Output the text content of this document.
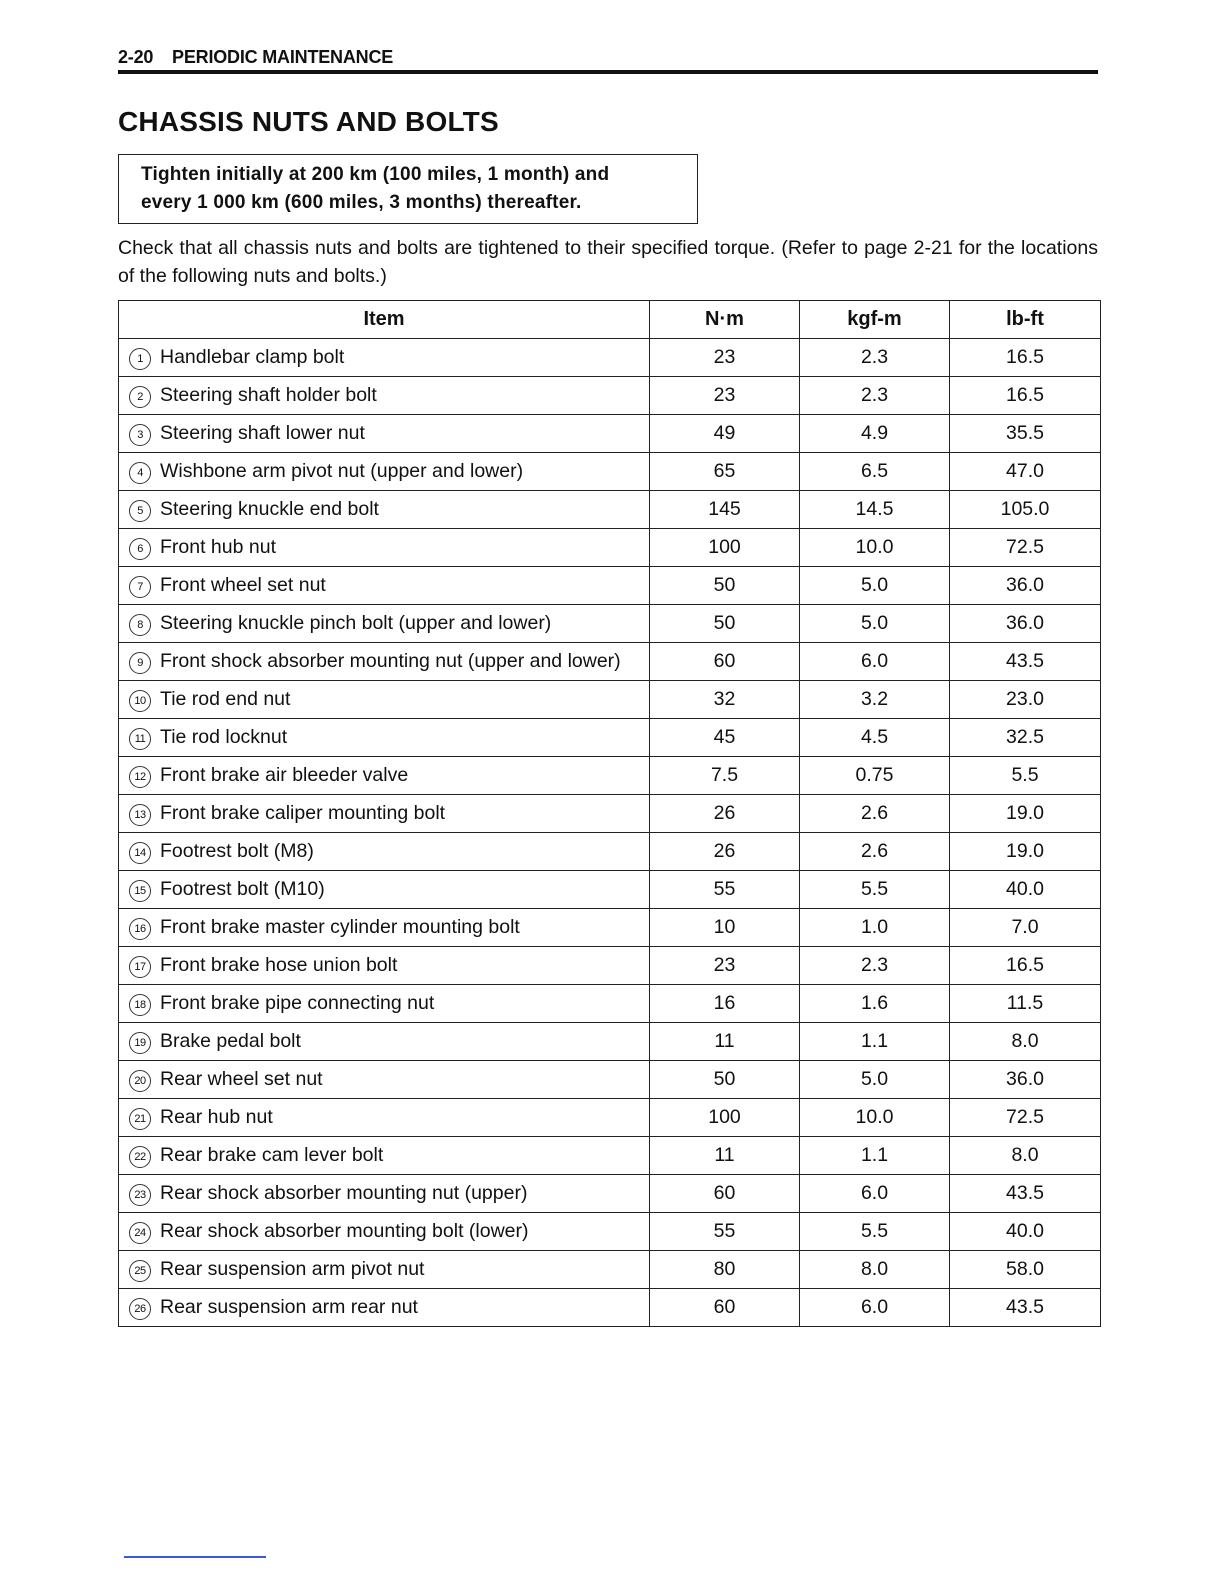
2-20 PERIODIC MAINTENANCE
CHASSIS NUTS AND BOLTS
Tighten initially at 200 km (100 miles, 1 month) and
every 1 000 km (600 miles, 3 months) thereafter.

Check that all chassis nuts and bolts are tightened to their specified torque. (Refer to page 2-21 for the locations of the following nuts and bolts.)

Item	N·m	kgf-m	lb-ft
1 Handlebar clamp bolt	23	2.3	16.5
2 Steering shaft holder bolt	23	2.3	16.5
3 Steering shaft lower nut	49	4.9	35.5
4 Wishbone arm pivot nut (upper and lower)	65	6.5	47.0
5 Steering knuckle end bolt	145	14.5	105.0
6 Front hub nut	100	10.0	72.5
7 Front wheel set nut	50	5.0	36.0
8 Steering knuckle pinch bolt (upper and lower)	50	5.0	36.0
9 Front shock absorber mounting nut (upper and lower)	60	6.0	43.5
10 Tie rod end nut	32	3.2	23.0
11 Tie rod locknut	45	4.5	32.5
12 Front brake air bleeder valve	7.5	0.75	5.5
13 Front brake caliper mounting bolt	26	2.6	19.0
14 Footrest bolt (M8)	26	2.6	19.0
15 Footrest bolt (M10)	55	5.5	40.0
16 Front brake master cylinder mounting bolt	10	1.0	7.0
17 Front brake hose union bolt	23	2.3	16.5
18 Front brake pipe connecting nut	16	1.6	11.5
19 Brake pedal bolt	11	1.1	8.0
20 Rear wheel set nut	50	5.0	36.0
21 Rear hub nut	100	10.0	72.5
22 Rear brake cam lever bolt	11	1.1	8.0
23 Rear shock absorber mounting nut (upper)	60	6.0	43.5
24 Rear shock absorber mounting bolt (lower)	55	5.5	40.0
25 Rear suspension arm pivot nut	80	8.0	58.0
26 Rear suspension arm rear nut	60	6.0	43.5
